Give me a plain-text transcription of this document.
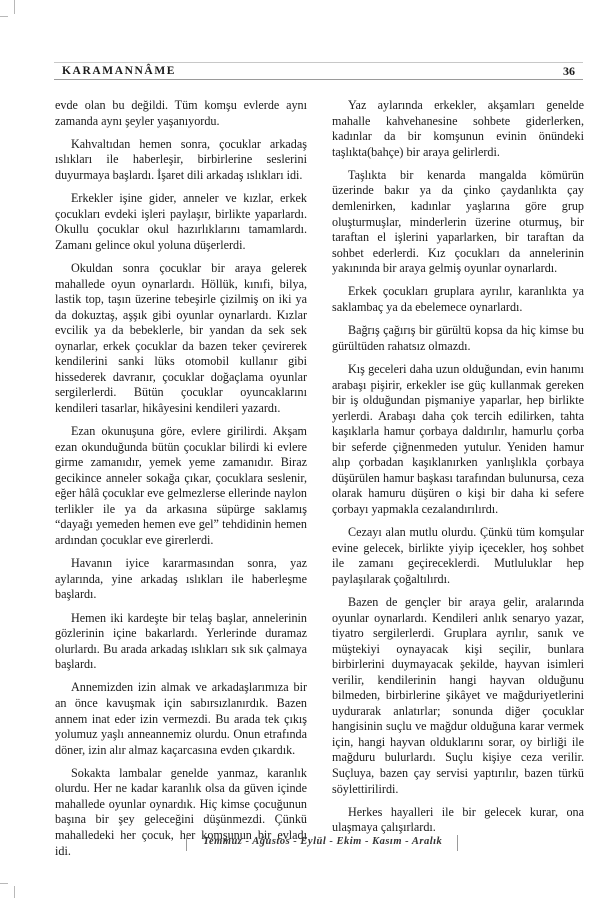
KARAMANNÂME	36

evde olan bu değildi. Tüm komşu evlerde aynı zamanda aynı şeyler yaşanıyordu.

Kahvaltıdan hemen sonra, çocuklar arkadaş ıslıkları ile haberleşir, birbirlerine seslerini duyurmaya başlardı. İşaret dili arkadaş ıslıkları idi.

Erkekler işine gider, anneler ve kızlar, erkek çocukları evdeki işleri paylaşır, birlikte yaparlardı. Okullu çocuklar okul hazırlıklarını tamamlardı. Zamanı gelince okul yoluna düşerlerdi.

Okuldan sonra çocuklar bir araya gelerek mahallede oyun oynarlardı. Höllük, kınıfi, bilya, lastik top, taşın üzerine tebeşirle çizilmiş on iki ya da dokuztaş, aşşık gibi oyunlar oynarlardı. Kızlar evcilik ya da bebeklerle, bir yandan da sek sek oynarlar, erkek çocuklar da bazen teker çevirerek kendilerini sanki lüks otomobil kullanır gibi hissederek davranır, çocuklar doğaçlama oyunlar sergilerlerdi. Bütün çocuklar oyuncaklarını kendileri tasarlar, hikâyesini kendileri yazardı.

Ezan okunuşuna göre, evlere girilirdi. Akşam ezan okunduğunda bütün çocuklar bilirdi ki evlere girme zamanıdır, yemek yeme zamanıdır. Biraz gecikince anneler sokağa çıkar, çocuklara seslenir, eğer hâlâ çocuklar eve gelmezlerse ellerinde naylon terlikler ile ya da arkasına süpürge saklamış “dayağı yemeden hemen eve gel” tehdidinin hemen ardından çocuklar eve girerlerdi.

Havanın iyice kararmasından sonra, yaz aylarında, yine arkadaş ıslıkları ile haberleşme başlardı.

Hemen iki kardeşte bir telaş başlar, annelerinin gözlerinin içine bakarlardı. Yerlerinde duramaz olurlardı. Bu arada arkadaş ıslıkları sık sık çalmaya başlardı.

Annemizden izin almak ve arkadaşlarımıza bir an önce kavuşmak için sabırsızlanırdık. Bazen annem inat eder izin vermezdi. Bu arada tek çıkış yolumuz yaşlı anneannemiz olurdu. Onun etrafında döner, izin alır almaz kaçarcasına evden çıkardık.

Sokakta lambalar genelde yanmaz, karanlık olurdu. Her ne kadar karanlık olsa da güven içinde mahallede oyunlar oynardık. Hiç kimse çocuğunun başına bir şey geleceğini düşünmezdi. Çünkü mahalledeki her çocuk, her komşunun bir evladı idi.

Yaz aylarında erkekler, akşamları genelde mahalle kahvehanesine sohbete giderlerken, kadınlar da bir komşunun evinin önündeki taşlıkta(bahçe) bir araya gelirlerdi.

Taşlıkta bir kenarda mangalda kömürün üzerinde bakır ya da çinko çaydanlıkta çay demlenirken, kadınlar yaşlarına göre grup oluşturmuşlar, minderlerin üzerine oturmuş, bir taraftan el işlerini yaparlarken, bir taraftan da sohbet ederlerdi. Kız çocukları da annelerinin yakınında bir araya gelmiş oyunlar oynarlardı.

Erkek çocukları gruplara ayrılır, karanlıkta ya saklambaç ya da ebelemece oynarlardı.

Bağrış çağırış bir gürültü kopsa da hiç kimse bu gürültüden rahatsız olmazdı.

Kış geceleri daha uzun olduğundan, evin hanımı arabaşı pişirir, erkekler ise güç kullanmak gereken bir iş olduğundan pişmaniye yaparlar, hep birlikte yerlerdi. Arabaşı daha çok tercih edilirken, tahta kaşıklarla hamur çorbaya daldırılır, hamurlu çorba bir seferde çiğnenmeden yutulur. Yeniden hamur alıp çorbadan kaşıklanırken yanlışlıkla çorbaya düşürülen hamur başkası tarafından bulunursa, ceza olarak hamuru düşüren o kişi bir daha ki sefere çorbayı yapmakla cezalandırılırdı.

Cezayı alan mutlu olurdu. Çünkü tüm komşular evine gelecek, birlikte yiyip içecekler, hoş sohbet ile zamanı geçireceklerdi. Mutluluklar hep paylaşılarak çoğaltılırdı.

Bazen de gençler bir araya gelir, aralarında oyunlar oynarlardı. Kendileri anlık senaryo yazar, tiyatro sergilerlerdi. Gruplara ayrılır, sanık ve müştekiyi oynayacak kişi seçilir, bunlara birbirlerini duymayacak şekilde, hayvan isimleri verilir, kendilerinin hangi hayvan olduğunu bilmeden, birbirlerine şikâyet ve mağduriyetlerini uydurarak anlatırlar; sonunda diğer çocuklar hangisinin suçlu ve mağdur olduğuna karar vermek için, hangi hayvan olduklarını sorar, oy birliği ile mağduru bulurlardı. Suçlu kişiye ceza verilir. Suçluya, bazen çay servisi yaptırılır, bazen türkü söylettirilirdi.

Herkes hayalleri ile bir gelecek kurar, ona ulaşmaya çalışırlardı.

Temmuz - Ağustos - Eylül - Ekim - Kasım - Aralık
